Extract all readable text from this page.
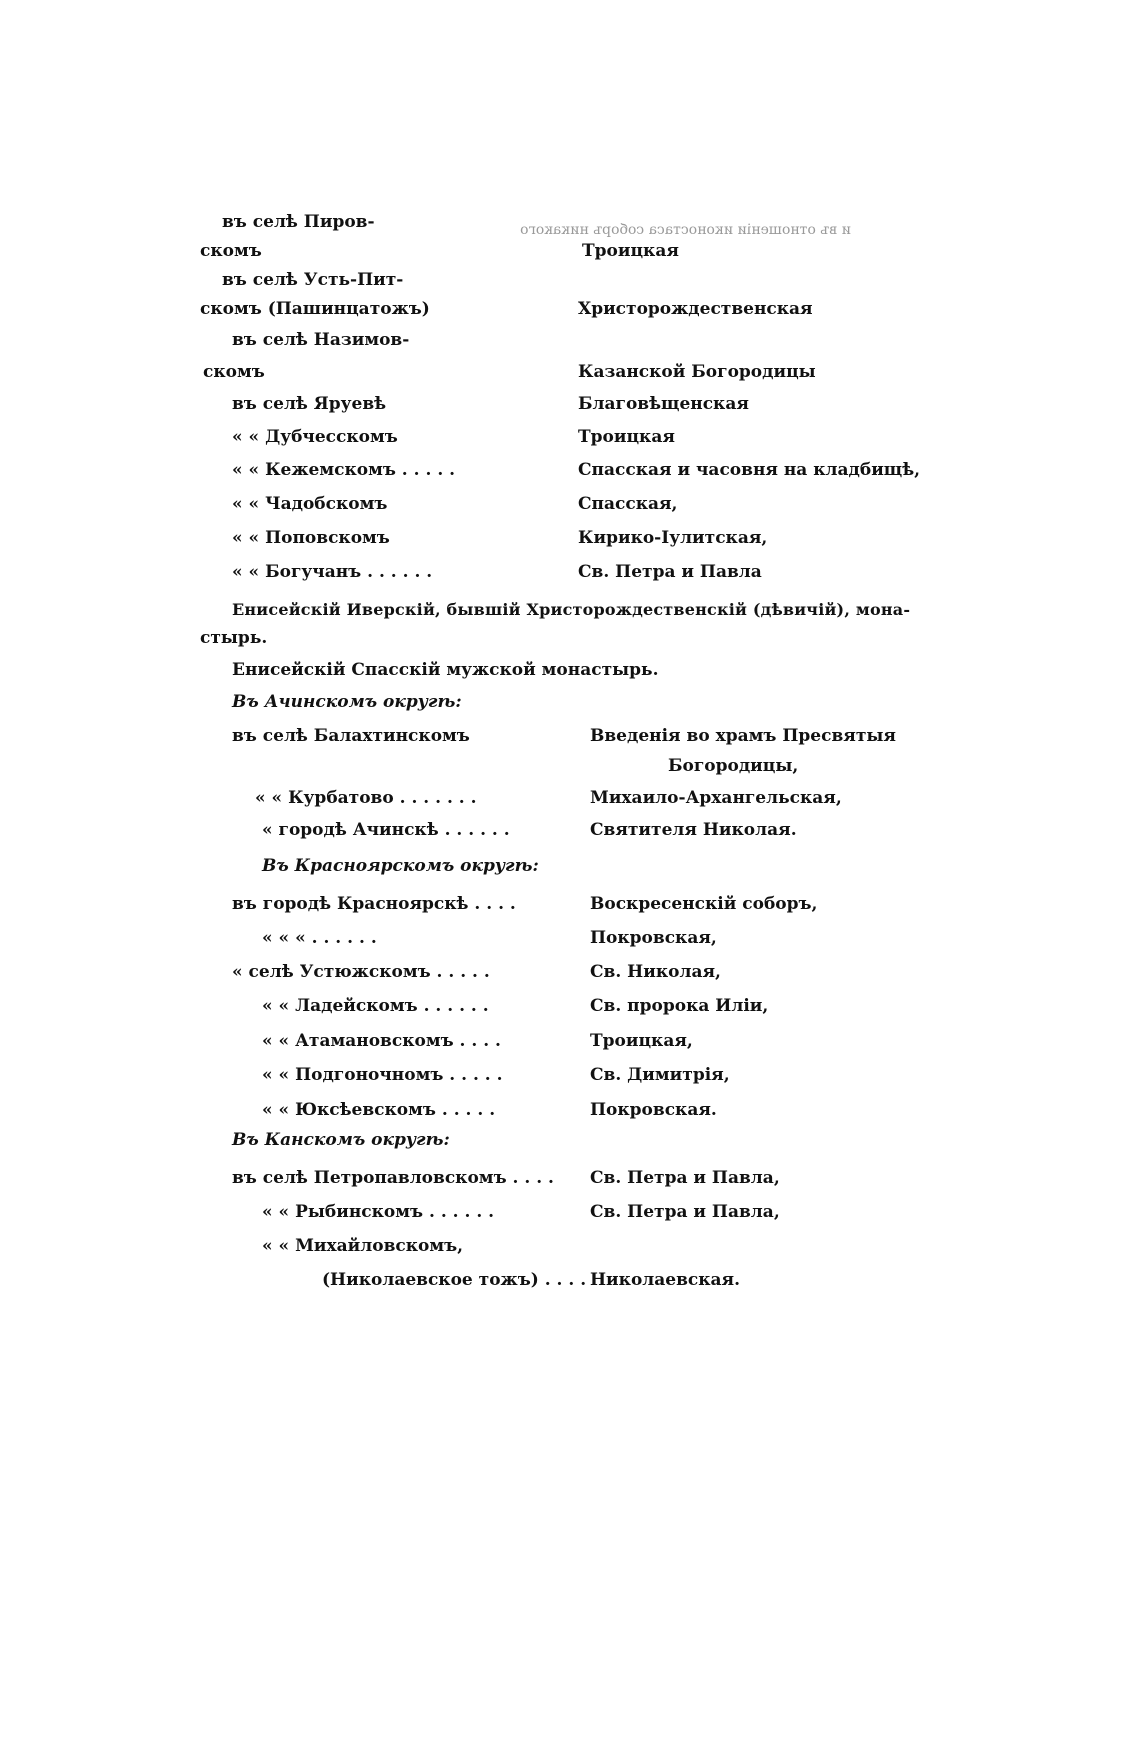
и въ отношеніи иконостаса соборъ никакого
въ селѣ Пиров-
скомъ	Троицкая
въ селѣ Усть-Пит-
скомъ (Пашинцатожъ)	Христорождественская
въ селѣ Назимов-
скомъ	Казанской Богородицы
въ селѣ Яруевѣ	Благовѣщенская
« « Дубчесскомъ	Троицкая
« « Кежемскомъ . . . . .	Спасская и часовня на кладбищѣ,
« « Чадобскомъ	Спасская,
« « Поповскомъ	Кирико-Іулитская,
« « Богучанъ . . . . . .	Св. Петра и Павла
Енисейскій Иверскій, бывшій Христорождественскій (дѣвичій), мона-
стырь.
Енисейскій Спасскій мужской монастырь.
Въ Ачинскомъ округѣ:
въ селѣ Балахтинскомъ	Введенія во храмъ Пресвятыя
Богородицы,
« « Курбатово . . . . . . .	Михаило-Архангельская,
« городѣ Ачинскѣ . . . . . .	Святителя Николая.
Въ Красноярскомъ округѣ:
въ городѣ Красноярскѣ . . . .	Воскресенскій соборъ,
« « « . . . . . .	Покровская,
« селѣ Устюжскомъ . . . . .	Св. Николая,
« « Ладейскомъ . . . . . .	Св. пророка Иліи,
« « Атамановскомъ . . . .	Троицкая,
« « Подгоночномъ . . . . .	Св. Димитрія,
« « Юксѣевскомъ . . . . .	Покровская.
Въ Канскомъ округѣ:
въ селѣ Петропавловскомъ . . . . Св. Петра и Павла,
« « Рыбинскомъ . . . . . .	Св. Петра и Павла,
« « Михайловскомъ,
(Николаевское тожъ) . . . . Николаевская.
